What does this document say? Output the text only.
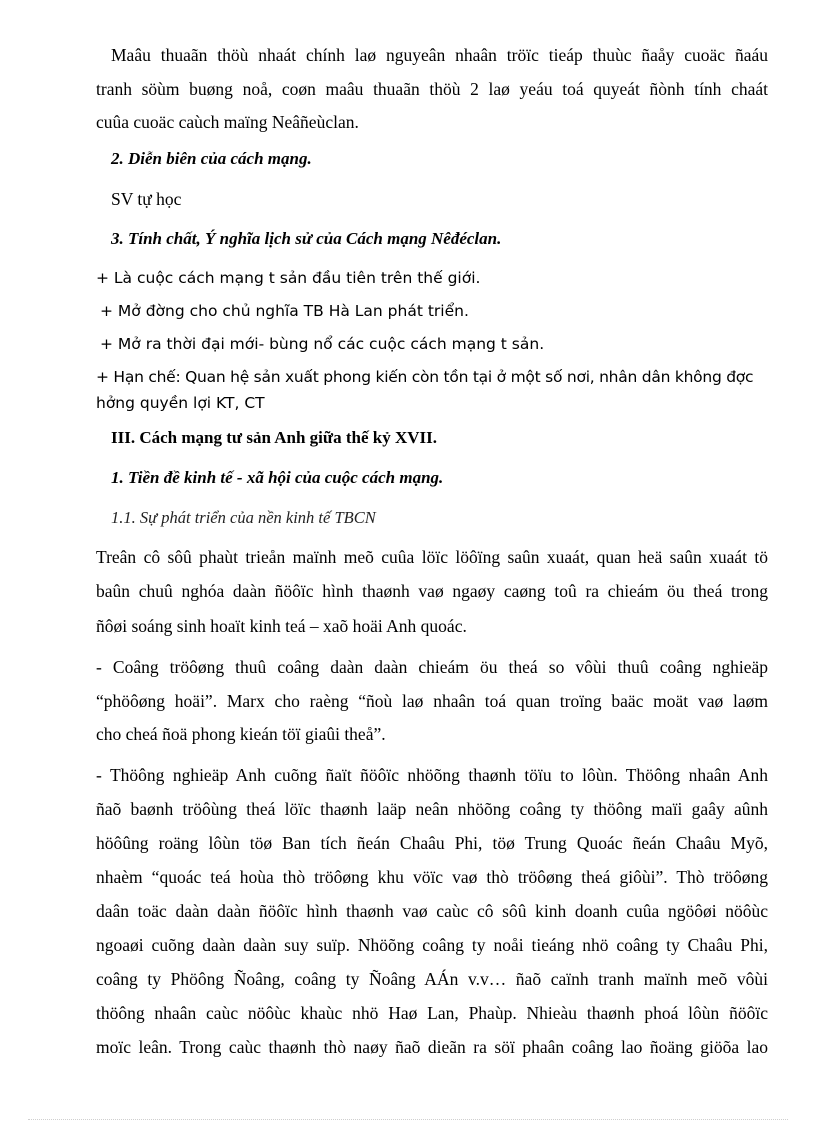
Maâu thuaãn thöù nhaát chính laø nguyeân nhaân tröïc tieáp thuùc ñaåy cuoäc ñaáu
tranh söùm buøng noå, coøn maâu thuaãn thöù 2 laø yeáu toá quyeát ñònh tính chaát
cuûa cuoäc caùch maïng Neâñeùclan.
2. Diễn biên của cách mạng.
SV tự học
3. Tính chất, Ý nghĩa lịch sử của Cách mạng Nêđéclan.
+ Là cuộc cách mạng t sản đầu tiên trên thế giới.
+ Mở đờng cho chủ nghĩa TB Hà Lan phát triển.
+ Mở ra thời đại mới- bùng nổ các cuộc cách mạng t sản.
+ Hạn chế: Quan hệ sản xuất phong kiến còn tồn tại ở một số nơi, nhân dân không đợc
hởng quyền lợi KT, CT
III. Cách mạng tư sản Anh giữa thế kỷ XVII.
1. Tiền đề kinh tế - xã hội của cuộc cách mạng.
1.1. Sự phát triển của nền kinh tế TBCN
Treân cô sôû phaùt trieån maïnh meõ cuûa löïc löôïng saûn xuaát, quan heä saûn xuaát tö
baûn chuû nghóa daàn ñöôïc hình thaønh vaø ngaøy caøng toû ra chieám öu theá trong
ñôøi soáng sinh hoaït kinh teá – xaõ hoäi Anh quoác.
- Coâng tröôøng thuû coâng daàn daàn chieám öu theá so vôùi thuû coâng nghieäp
“phöôøng hoäi”. Marx cho raèng “ñoù laø nhaân toá quan troïng baäc moät vaø laøm
cho cheá ñoä phong kieán töï giaûi theå”.
- Thöông nghieäp Anh cuõng ñaït ñöôïc nhöõng thaønh töïu to lôùn. Thöông nhaân Anh
ñaõ baønh tröôùng theá löïc thaønh laäp neân nhöõng coâng ty thöông maïi gaây aûnh
höôûng roäng lôùn töø Ban tích ñeán Chaâu Phi, töø Trung Quoác ñeán Chaâu Myõ,
nhaèm “quoác teá hoùa thò tröôøng khu vöïc vaø thò tröôøng theá giôùi”. Thò tröôøng
daân toäc daàn daàn ñöôïc hình thaønh vaø caùc cô sôû kinh doanh cuûa ngöôøi nöôùc
ngoaøi cuõng daàn daàn suy suïp. Nhöõng coâng ty noåi tieáng nhö coâng ty Chaâu Phi,
coâng ty Phöông Ñoâng, coâng ty Ñoâng AÁn v.v… ñaõ caïnh tranh maïnh meõ vôùi
thöông nhaân caùc nöôùc khaùc nhö Haø Lan, Phaùp. Nhieàu thaønh phoá lôùn ñöôïc
moïc leân. Trong caùc thaønh thò naøy ñaõ dieãn ra söï phaân coâng lao ñoäng giöõa lao
